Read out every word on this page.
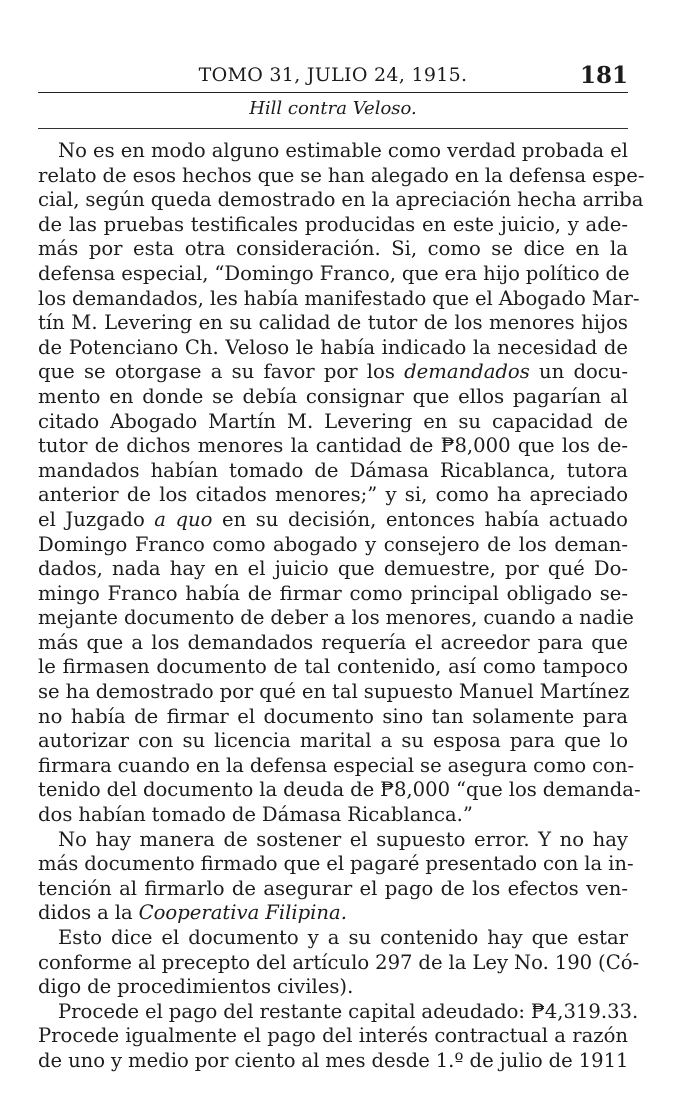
TOMO 31, JULIO 24, 1915.	181
Hill contra Veloso.
No es en modo alguno estimable como verdad probada el
relato de esos hechos que se han alegado en la defensa espe-
cial, según queda demostrado en la apreciación hecha arriba
de las pruebas testificales producidas en este juicio, y ade-
más por esta otra consideración. Si, como se dice en la
defensa especial, “Domingo Franco, que era hijo político de
los demandados, les había manifestado que el Abogado Mar-
tín M. Levering en su calidad de tutor de los menores hijos
de Potenciano Ch. Veloso le había indicado la necesidad de
que se otorgase a su favor por los demandados un docu-
mento en donde se debía consignar que ellos pagarían al
citado Abogado Martín M. Levering en su capacidad de
tutor de dichos menores la cantidad de ₱8,000 que los de-
mandados habían tomado de Dámasa Ricablanca, tutora
anterior de los citados menores;” y si, como ha apreciado
el Juzgado a quo en su decisión, entonces había actuado
Domingo Franco como abogado y consejero de los deman-
dados, nada hay en el juicio que demuestre, por qué Do-
mingo Franco había de firmar como principal obligado se-
mejante documento de deber a los menores, cuando a nadie
más que a los demandados requería el acreedor para que
le firmasen documento de tal contenido, así como tampoco
se ha demostrado por qué en tal supuesto Manuel Martínez
no había de firmar el documento sino tan solamente para
autorizar con su licencia marital a su esposa para que lo
firmara cuando en la defensa especial se asegura como con-
tenido del documento la deuda de ₱8,000 “que los demanda-
dos habían tomado de Dámasa Ricablanca.”
No hay manera de sostener el supuesto error. Y no hay
más documento firmado que el pagaré presentado con la in-
tención al firmarlo de asegurar el pago de los efectos ven-
didos a la Cooperativa Filipina.
Esto dice el documento y a su contenido hay que estar
conforme al precepto del artículo 297 de la Ley No. 190 (Có-
digo de procedimientos civiles).
Procede el pago del restante capital adeudado: ₱4,319.33.
Procede igualmente el pago del interés contractual a razón
de uno y medio por ciento al mes desde 1.º de julio de 1911
